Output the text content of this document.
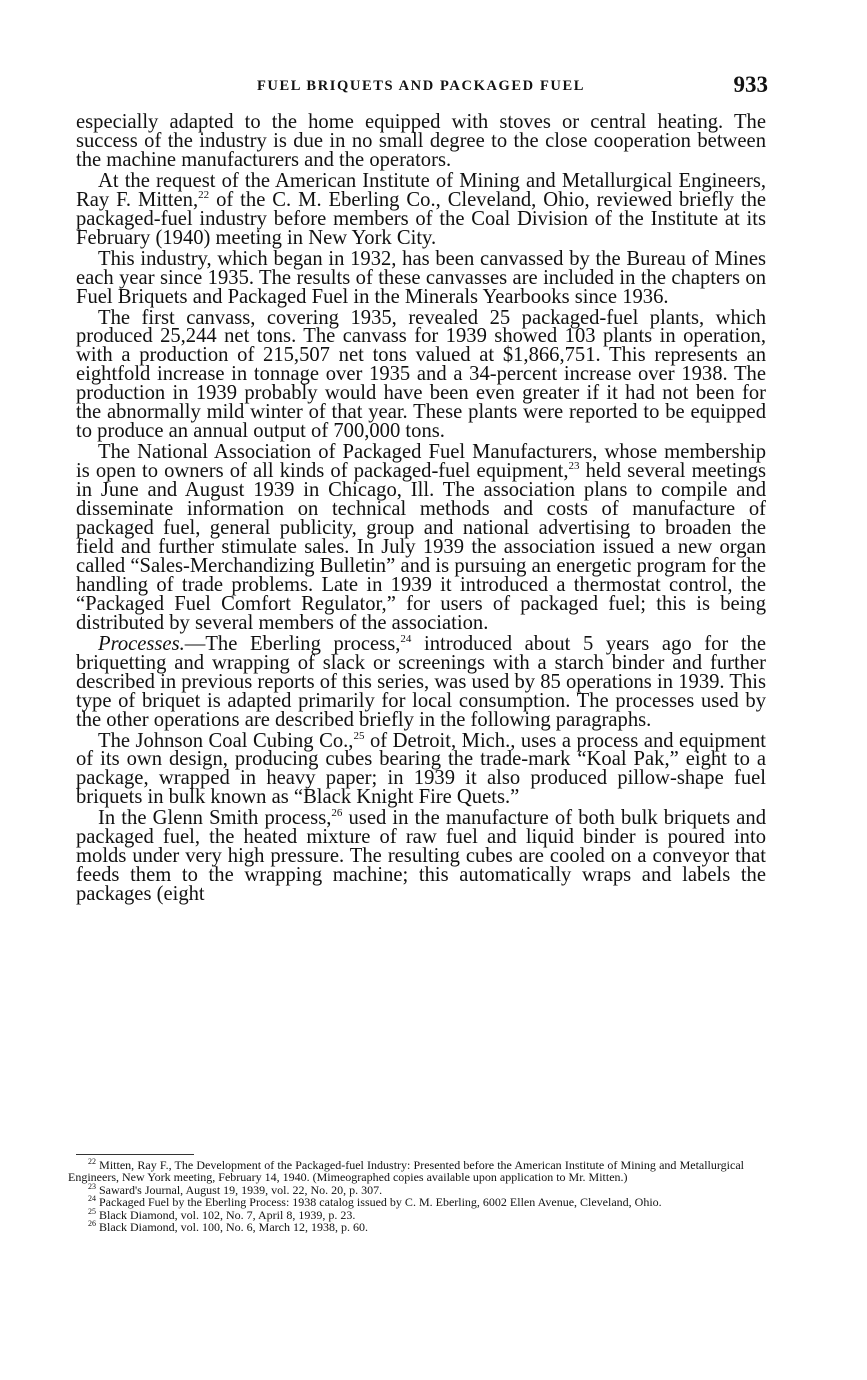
FUEL BRIQUETS AND PACKAGED FUEL	933

especially adapted to the home equipped with stoves or central heating. The success of the industry is due in no small degree to the close cooperation between the machine manufacturers and the operators.

At the request of the American Institute of Mining and Metallurgical Engineers, Ray F. Mitten,$^{22}$ of the C. M. Eberling Co., Cleveland, Ohio, reviewed briefly the packaged-fuel industry before members of the Coal Division of the Institute at its February (1940) meeting in New York City.

This industry, which began in 1932, has been canvassed by the Bureau of Mines each year since 1935. The results of these canvasses are included in the chapters on Fuel Briquets and Packaged Fuel in the Minerals Yearbooks since 1936.

The first canvass, covering 1935, revealed 25 packaged-fuel plants, which produced 25,244 net tons. The canvass for 1939 showed 103 plants in operation, with a production of 215,507 net tons valued at $1,866,751. This represents an eightfold increase in tonnage over 1935 and a 34-percent increase over 1938. The production in 1939 probably would have been even greater if it had not been for the abnormally mild winter of that year. These plants were reported to be equipped to produce an annual output of 700,000 tons.

The National Association of Packaged Fuel Manufacturers, whose membership is open to owners of all kinds of packaged-fuel equipment,$^{23}$ held several meetings in June and August 1939 in Chicago, Ill. The association plans to compile and disseminate information on technical methods and costs of manufacture of packaged fuel, general publicity, group and national advertising to broaden the field and further stimulate sales. In July 1939 the association issued a new organ called “Sales-Merchandizing Bulletin” and is pursuing an energetic program for the handling of trade problems. Late in 1939 it introduced a thermostat control, the “Packaged Fuel Comfort Regulator,” for users of packaged fuel; this is being distributed by several members of the association.

Processes.—The Eberling process,$^{24}$ introduced about 5 years ago for the briquetting and wrapping of slack or screenings with a starch binder and further described in previous reports of this series, was used by 85 operations in 1939. This type of briquet is adapted primarily for local consumption. The processes used by the other operations are described briefly in the following paragraphs.

The Johnson Coal Cubing Co.,$^{25}$ of Detroit, Mich., uses a process and equipment of its own design, producing cubes bearing the trade-mark “Koal Pak,” eight to a package, wrapped in heavy paper; in 1939 it also produced pillow-shape fuel briquets in bulk known as “Black Knight Fire Quets.”

In the Glenn Smith process,$^{26}$ used in the manufacture of both bulk briquets and packaged fuel, the heated mixture of raw fuel and liquid binder is poured into molds under very high pressure. The resulting cubes are cooled on a conveyor that feeds them to the wrapping machine; this automatically wraps and labels the packages (eight

$^{22}$ Mitten, Ray F., The Development of the Packaged-fuel Industry: Presented before the American Institute of Mining and Metallurgical Engineers, New York meeting, February 14, 1940. (Mimeographed copies available upon application to Mr. Mitten.)

$^{23}$ Saward's Journal, August 19, 1939, vol. 22, No. 20, p. 307.

$^{24}$ Packaged Fuel by the Eberling Process: 1938 catalog issued by C. M. Eberling, 6002 Ellen Avenue, Cleveland, Ohio.

$^{25}$ Black Diamond, vol. 102, No. 7, April 8, 1939, p. 23.

$^{26}$ Black Diamond, vol. 100, No. 6, March 12, 1938, p. 60.
